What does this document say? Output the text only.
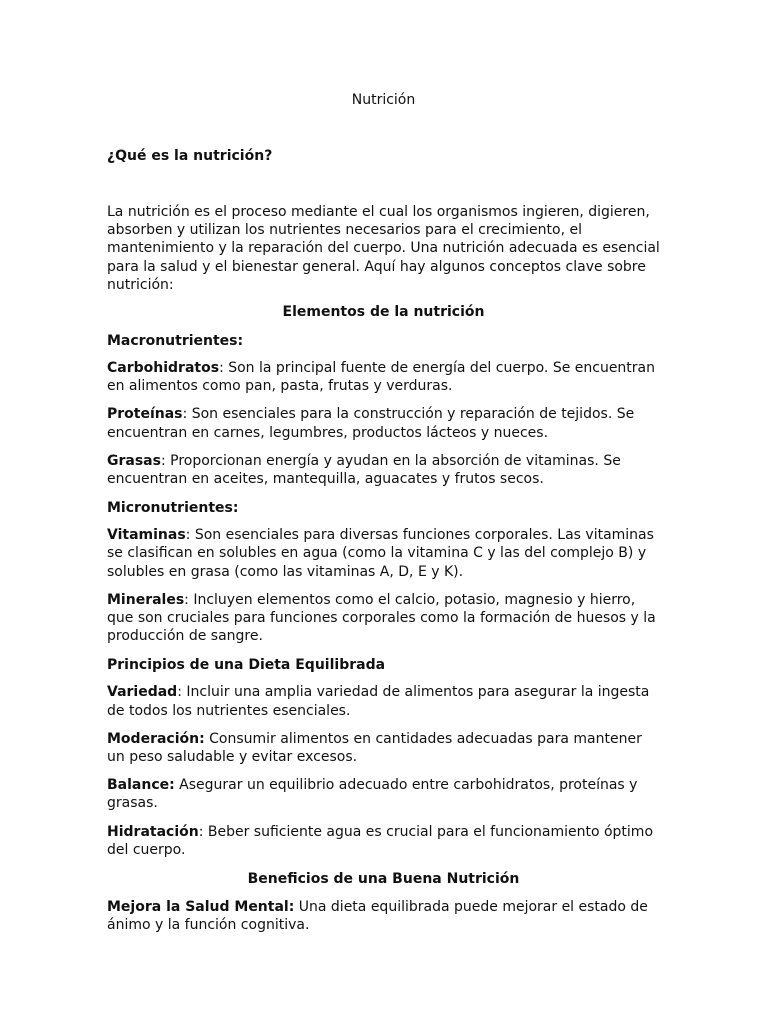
Nutrición
¿Qué es la nutrición?

La nutrición es el proceso mediante el cual los organismos ingieren, digieren, absorben y utilizan los nutrientes necesarios para el crecimiento, el mantenimiento y la reparación del cuerpo. Una nutrición adecuada es esencial para la salud y el bienestar general. Aquí hay algunos conceptos clave sobre nutrición:

Elementos de la nutrición
Macronutrientes:

Carbohidratos: Son la principal fuente de energía del cuerpo. Se encuentran en alimentos como pan, pasta, frutas y verduras.

Proteínas: Son esenciales para la construcción y reparación de tejidos. Se encuentran en carnes, legumbres, productos lácteos y nueces.

Grasas: Proporcionan energía y ayudan en la absorción de vitaminas. Se encuentran en aceites, mantequilla, aguacates y frutos secos.

Micronutrientes:

Vitaminas: Son esenciales para diversas funciones corporales. Las vitaminas se clasifican en solubles en agua (como la vitamina C y las del complejo B) y solubles en grasa (como las vitaminas A, D, E y K).

Minerales: Incluyen elementos como el calcio, potasio, magnesio y hierro, que son cruciales para funciones corporales como la formación de huesos y la producción de sangre.

Principios de una Dieta Equilibrada

Variedad: Incluir una amplia variedad de alimentos para asegurar la ingesta de todos los nutrientes esenciales.

Moderación: Consumir alimentos en cantidades adecuadas para mantener un peso saludable y evitar excesos.

Balance: Asegurar un equilibrio adecuado entre carbohidratos, proteínas y grasas.

Hidratación: Beber suficiente agua es crucial para el funcionamiento óptimo del cuerpo.

Beneficios de una Buena Nutrición

Mejora la Salud Mental: Una dieta equilibrada puede mejorar el estado de ánimo y la función cognitiva.
